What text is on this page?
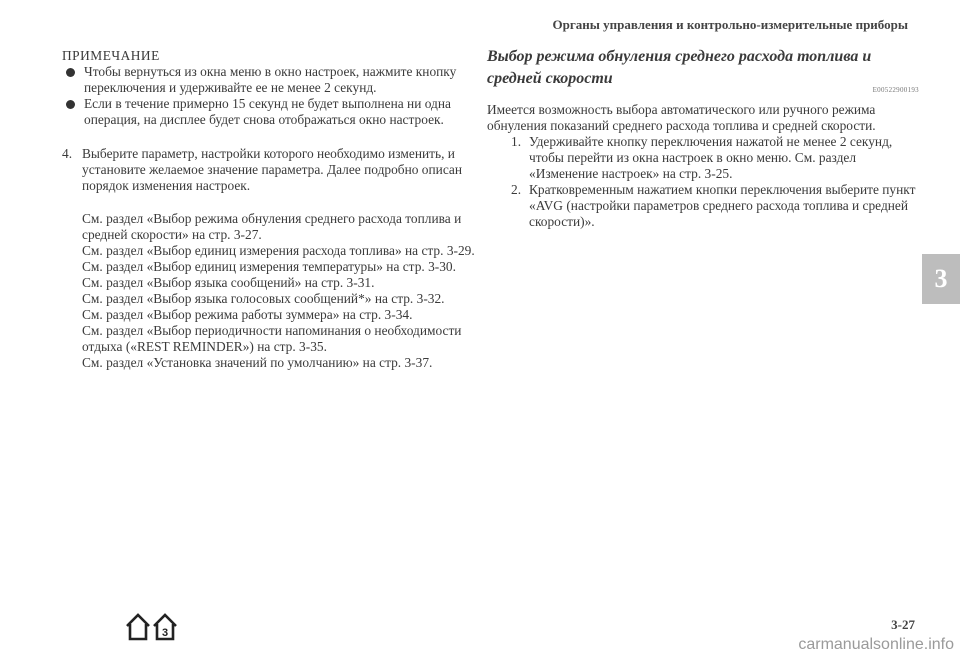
Органы управления и контрольно-измерительные приборы

ПРИМЕЧАНИЕ

Чтобы вернуться из окна меню в окно настроек, нажмите кнопку переключения и удерживайте ее не менее 2 секунд.

Если в течение примерно 15 секунд не будет выполнена ни одна операция, на дисплее будет снова отображаться окно настроек.

4. Выберите параметр, настройки которого необходимо изменить, и установите желаемое значение параметра. Далее подробно описан порядок изменения настроек.
См. раздел «Выбор режима обнуления среднего расхода топлива и средней скорости» на стр. 3-27.
См. раздел «Выбор единиц измерения расхода топлива» на стр. 3-29.
См. раздел «Выбор единиц измерения температуры» на стр. 3-30.
См. раздел «Выбор языка сообщений» на стр. 3-31.
См. раздел «Выбор языка голосовых сообщений*» на стр. 3-32.
См. раздел «Выбор режима работы зуммера» на стр. 3-34.
См. раздел «Выбор периодичности напоминания о необходимости отдыха («REST REMINDER») на стр. 3-35.
См. раздел «Установка значений по умолчанию» на стр. 3-37.

Выбор режима обнуления среднего расхода топлива и средней скорости

E00522900193
Имеется возможность выбора автоматического или ручного режима обнуления показаний среднего расхода топлива и средней скорости.
1. Удерживайте кнопку переключения нажатой не менее 2 секунд, чтобы перейти из окна настроек в окно меню. См. раздел «Изменение настроек» на стр. 3-25.
2. Кратковременным нажатием кнопки переключения выберите пункт «AVG (настройки параметров среднего расхода топлива и средней скорости)».
3
3
3-27
carmanualsonline.info
